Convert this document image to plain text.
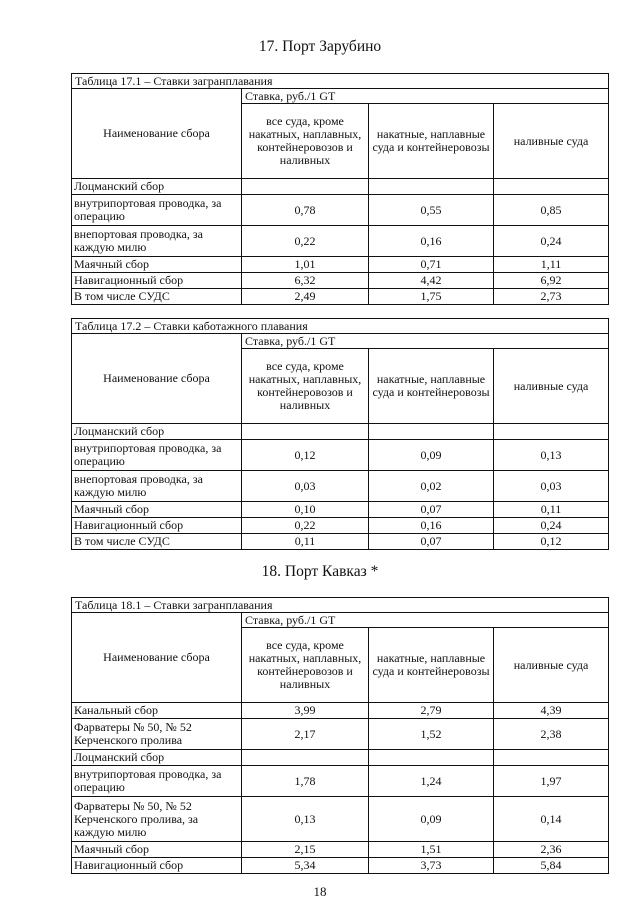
17. Порт Зарубино
Таблица 17.1 – Ставки загранплавания			
Наименование сбора	Ставка, руб./1 GT		
	все суда, кроме накатных, наплавных, контейнеровозов и наливных	накатные, наплавные суда и контейнеровозы	наливные суда
Лоцманский сбор			
внутрипортовая проводка, за операцию	0,78	0,55	0,85
внепортовая проводка, за каждую милю	0,22	0,16	0,24
Маячный сбор	1,01	0,71	1,11
Навигационный сбор	6,32	4,42	6,92
В том числе СУДС	2,49	1,75	2,73
Таблица 17.2 – Ставки каботажного плавания			
Наименование сбора	Ставка, руб./1 GT		
	все суда, кроме накатных, наплавных, контейнеровозов и наливных	накатные, наплавные суда и контейнеровозы	наливные суда
Лоцманский сбор			
внутрипортовая проводка, за операцию	0,12	0,09	0,13
внепортовая проводка, за каждую милю	0,03	0,02	0,03
Маячный сбор	0,10	0,07	0,11
Навигационный сбор	0,22	0,16	0,24
В том числе СУДС	0,11	0,07	0,12
18. Порт Кавказ *
Таблица 18.1 – Ставки загранплавания			
Наименование сбора	Ставка, руб./1 GT		
	все суда, кроме накатных, наплавных, контейнеровозов и наливных	накатные, наплавные суда и контейнеровозы	наливные суда
Канальный сбор	3,99	2,79	4,39
Фарватеры № 50, № 52 Керченского пролива	2,17	1,52	2,38
Лоцманский сбор			
внутрипортовая проводка, за операцию	1,78	1,24	1,97
Фарватеры № 50, № 52 Керченского пролива, за каждую милю	0,13	0,09	0,14
Маячный сбор	2,15	1,51	2,36
Навигационный сбор	5,34	3,73	5,84
18
